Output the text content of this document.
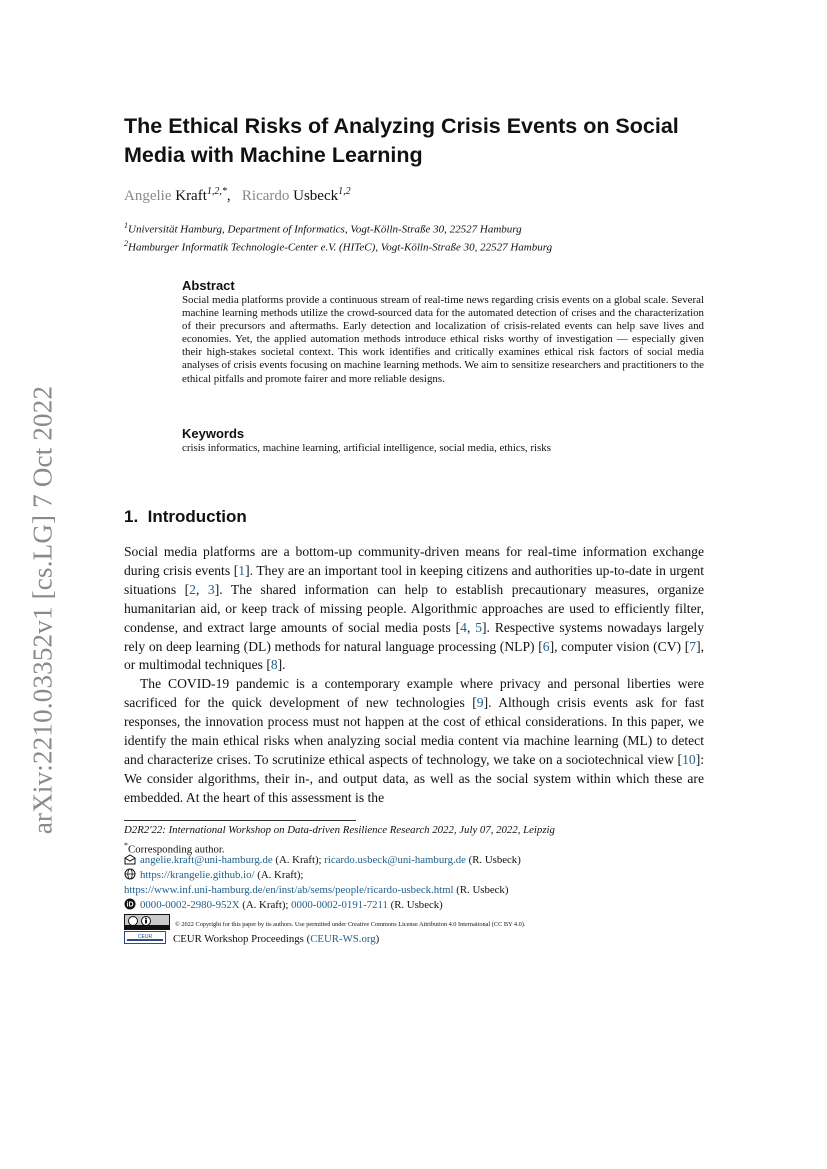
arXiv:2210.03352v1 [cs.LG] 7 Oct 2022
The Ethical Risks of Analyzing Crisis Events on Social Media with Machine Learning
Angelie Kraft$^{1,2,*}$,   Ricardo Usbeck$^{1,2}$
$^1$Universität Hamburg, Department of Informatics, Vogt-Kölln-Straße 30, 22527 Hamburg
$^2$Hamburger Informatik Technologie-Center e.V. (HITeC), Vogt-Kölln-Straße 30, 22527 Hamburg
Abstract
Social media platforms provide a continuous stream of real-time news regarding crisis events on a global scale. Several machine learning methods utilize the crowd-sourced data for the automated detection of crises and the characterization of their precursors and aftermaths. Early detection and localization of crisis-related events can help save lives and economies. Yet, the applied automation methods introduce ethical risks worthy of investigation — especially given their high-stakes societal context. This work identifies and critically examines ethical risk factors of social media analyses of crisis events focusing on machine learning methods. We aim to sensitize researchers and practitioners to the ethical pitfalls and promote fairer and more reliable designs.
Keywords
crisis informatics, machine learning, artificial intelligence, social media, ethics, risks
1. Introduction

Social media platforms are a bottom-up community-driven means for real-time information exchange during crisis events [1]. They are an important tool in keeping citizens and authorities up-to-date in urgent situations [2, 3]. The shared information can help to establish precautionary measures, organize humanitarian aid, or keep track of missing people. Algorithmic approaches are used to efficiently filter, condense, and extract large amounts of social media posts [4, 5]. Respective systems nowadays largely rely on deep learning (DL) methods for natural language processing (NLP) [6], computer vision (CV) [7], or multimodal techniques [8].

The COVID-19 pandemic is a contemporary example where privacy and personal liberties were sacrificed for the quick development of new technologies [9]. Although crisis events ask for fast responses, the innovation process must not happen at the cost of ethical considerations. In this paper, we identify the main ethical risks when analyzing social media content via machine learning (ML) to detect and characterize crises. To scrutinize ethical aspects of technology, we take on a sociotechnical view [10]: We consider algorithms, their in-, and output data, as well as the social system within which these are embedded. At the heart of this assessment is the

D2R2'22: International Workshop on Data-driven Resilience Research 2022, July 07, 2022, Leipzig
*Corresponding author.
angelie.kraft@uni-hamburg.de (A. Kraft); ricardo.usbeck@uni-hamburg.de (R. Usbeck)
https://krangelie.github.io/ (A. Kraft);
https://www.inf.uni-hamburg.de/en/inst/ab/sems/people/ricardo-usbeck.html (R. Usbeck)
iD 0000-0002-2980-952X (A. Kraft); 0000-0002-0191-7211 (R. Usbeck)
© 2022 Copyright for this paper by its authors. Use permitted under Creative Commons License Attribution 4.0 International (CC BY 4.0).
CEUR CEUR Workshop Proceedings (CEUR-WS.org)
